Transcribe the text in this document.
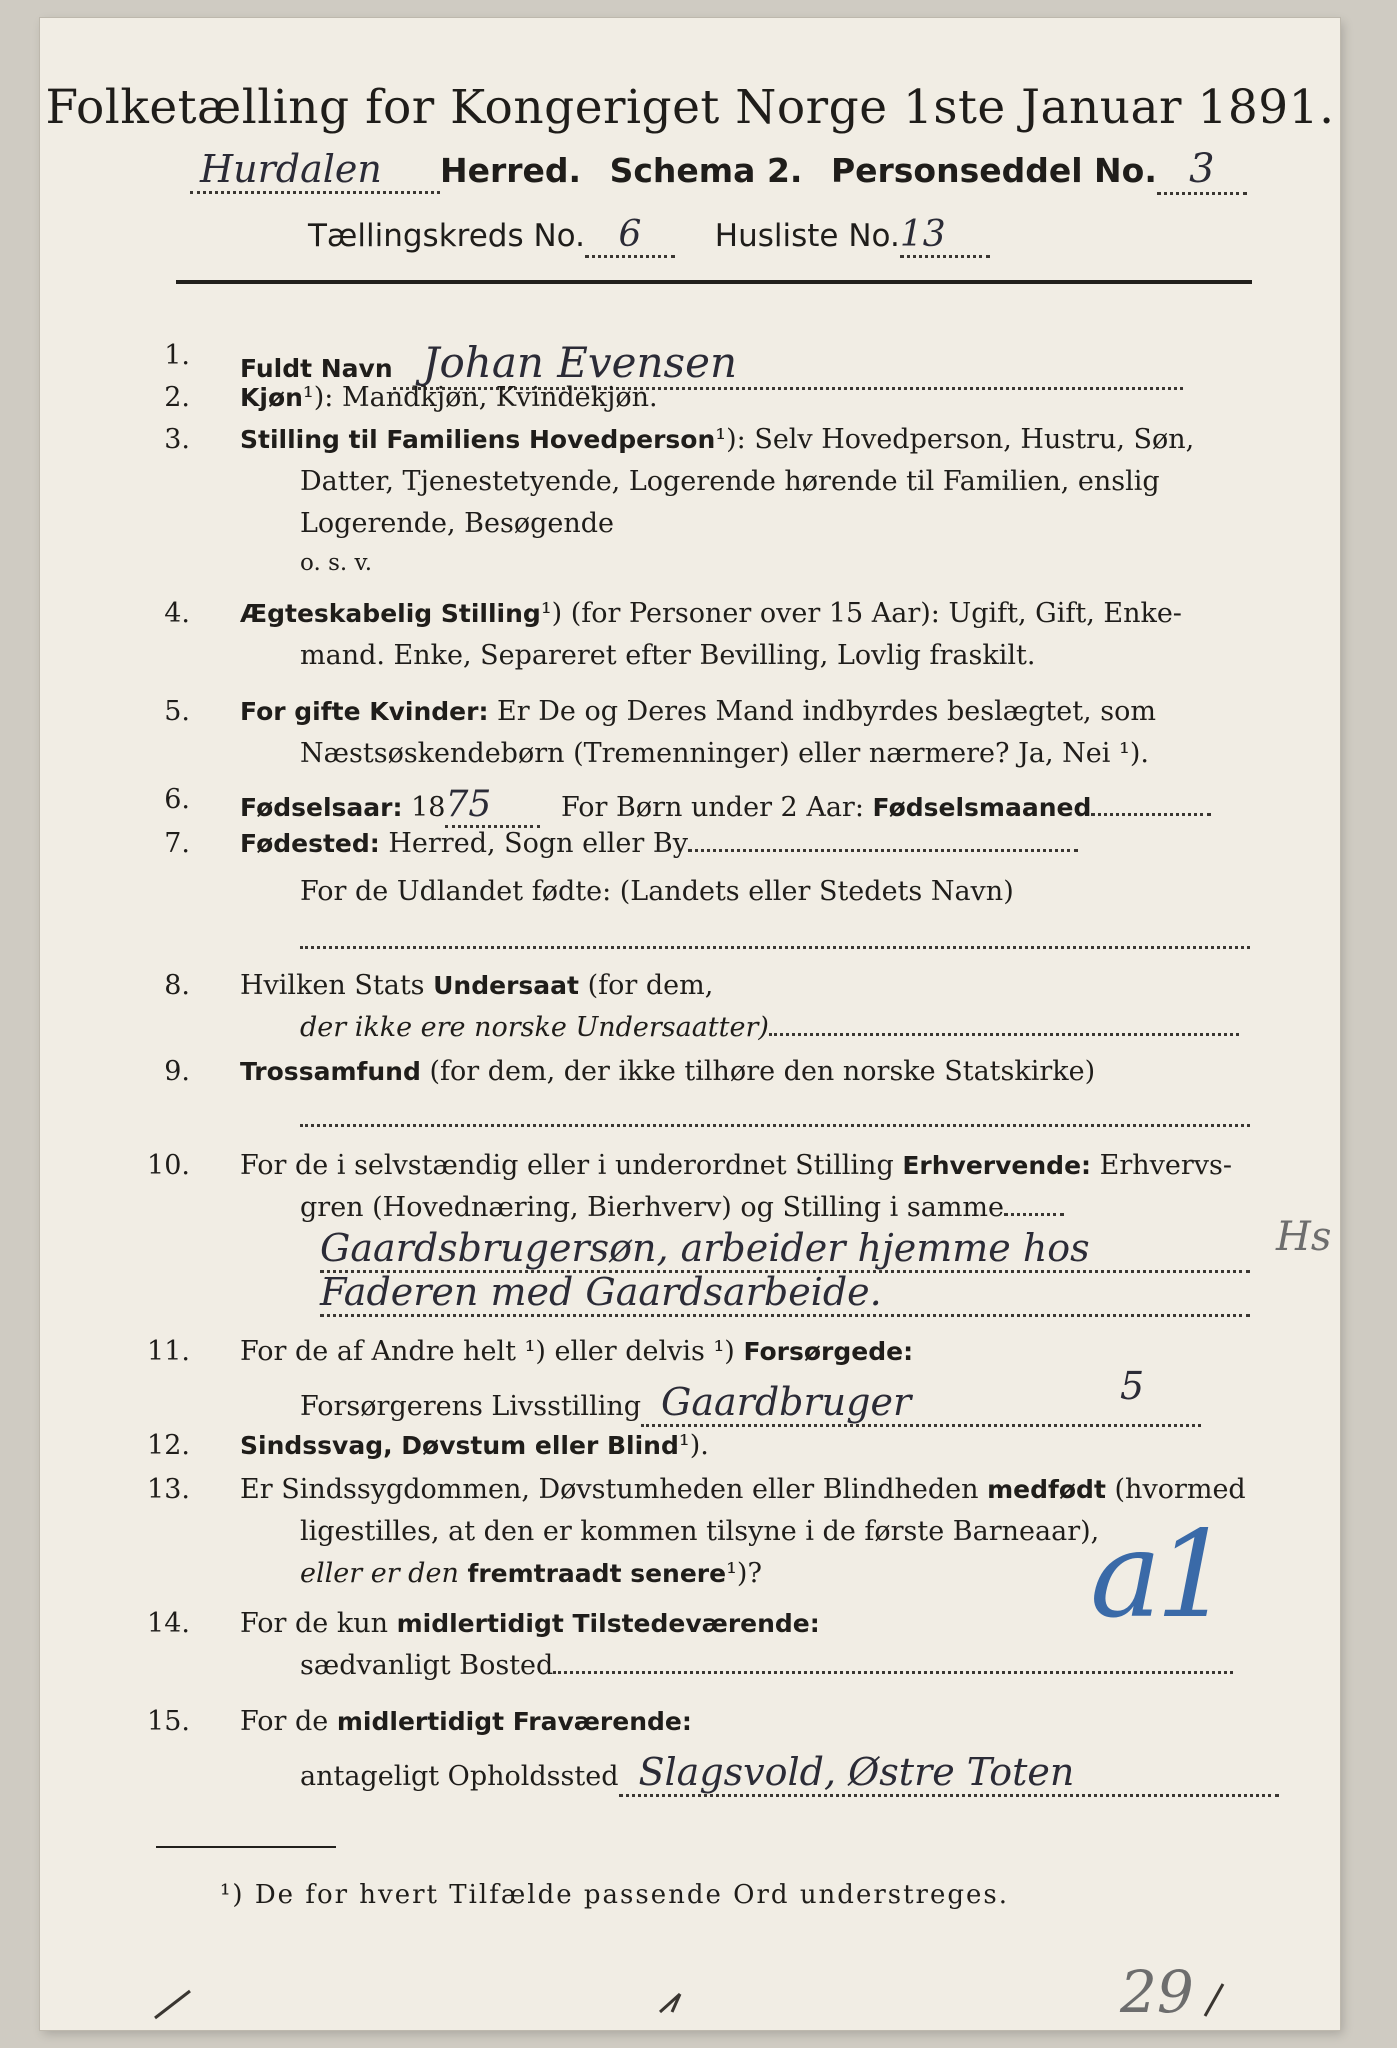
Folketælling for Kongeriget Norge 1ste Januar 1891.
Hurdalen Herred. Schema 2. Personseddel No. 3
Tællingskreds No. 6 Husliste No.13
1. Fuldt Navn Johan Evensen
2. Kjøn¹): Mandkjøn, Kvindekjøn.
3. Stilling til Familiens Hovedperson¹): Selv Hovedperson, Hustru, Søn,
Datter, Tjenestetyende, Logerende hørende til Familien, enslig
Logerende, Besøgende
o. s. v.
4. Ægteskabelig Stilling¹) (for Personer over 15 Aar): Ugift, Gift, Enke-
mand. Enke, Separeret efter Bevilling, Lovlig fraskilt.
5. For gifte Kvinder: Er De og Deres Mand indbyrdes beslægtet, som
Næstsøskendebørn (Tremenninger) eller nærmere? Ja, Nei ¹).
6. Fødselsaar: 1875	For Børn under 2 Aar: Fødselsmaaned
7. Fødested: Herred, Sogn eller By
For de Udlandet fødte: (Landets eller Stedets Navn)
8. Hvilken Stats Undersaat (for dem,
der ikke ere norske Undersaatter)
9. Trossamfund (for dem, der ikke tilhøre den norske Statskirke)
10. For de i selvstændig eller i underordnet Stilling Erhvervende: Erhvervs-
gren (Hovednæring, Bierhverv) og Stilling i samme
Gaardsbrugersøn, arbeider hjemme hos
Faderen med Gaardsarbeide.
Hs
11. For de af Andre helt ¹) eller delvis ¹) Forsørgede:
Forsørgerens Livsstilling Gaardbruger	5
12. Sindssvag, Døvstum eller Blind¹).
13. Er Sindssygdommen, Døvstumheden eller Blindheden medfødt (hvormed
ligestilles, at den er kommen tilsyne i de første Barneaar),
eller er den fremtraadt senere¹)?
14. For de kun midlertidigt Tilstedeværende:
sædvanligt Bosted
a1
15. For de midlertidigt Fraværende:
antageligt Opholdssted Slagsvold, Østre Toten
¹) De for hvert Tilfælde passende Ord understreges.
29
